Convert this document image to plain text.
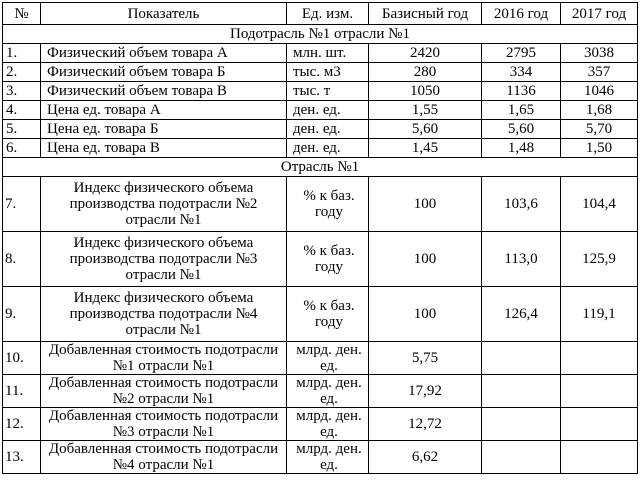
№	Показатель	Ед. изм.	Базисный год	2016 год	2017 год
Подотрасль №1 отрасли №1					
1.	Физический объем товара А	млн. шт.	2420	2795	3038
2.	Физический объем товара Б	тыс. м3	280	334	357
3.	Физический объем товара В	тыс. т	1050	1136	1046
4.	Цена ед. товара А	ден. ед.	1,55	1,65	1,68
5.	Цена ед. товара Б	ден. ед.	5,60	5,60	5,70
6.	Цена ед. товара В	ден. ед.	1,45	1,48	1,50
Отрасль №1					
7.	Индекс физического объема производства подотрасли №2 отрасли №1	% к баз. году	100	103,6	104,4
8.	Индекс физического объема производства подотрасли №3 отрасли №1	% к баз. году	100	113,0	125,9
9.	Индекс физического объема производства подотрасли №4 отрасли №1	% к баз. году	100	126,4	119,1
10.	Добавленная стоимость подотрасли №1 отрасли №1	млрд. ден. ед.	5,75		
11.	Добавленная стоимость подотрасли №2 отрасли №1	млрд. ден. ед.	17,92		
12.	Добавленная стоимость подотрасли №3 отрасли №1	млрд. ден. ед.	12,72		
13.	Добавленная стоимость подотрасли №4 отрасли №1	млрд. ден. ед.	6,62		
